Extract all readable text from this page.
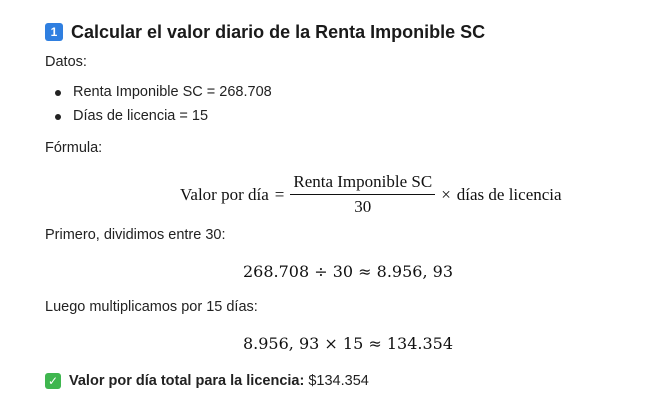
1 Calcular el valor diario de la Renta Imponible SC
Datos:
Renta Imponible SC = 268.708
Días de licencia = 15
Fórmula:
Valor por día = $\frac{\text{Renta Imponible SC}}{30}$ × días de licencia
Primero, dividimos entre 30:
268.708 ÷ 30 ≈ 8.956, 93
Luego multiplicamos por 15 días:
8.956, 93 × 15 ≈ 134.354
✓ Valor por día total para la licencia: $134.354
